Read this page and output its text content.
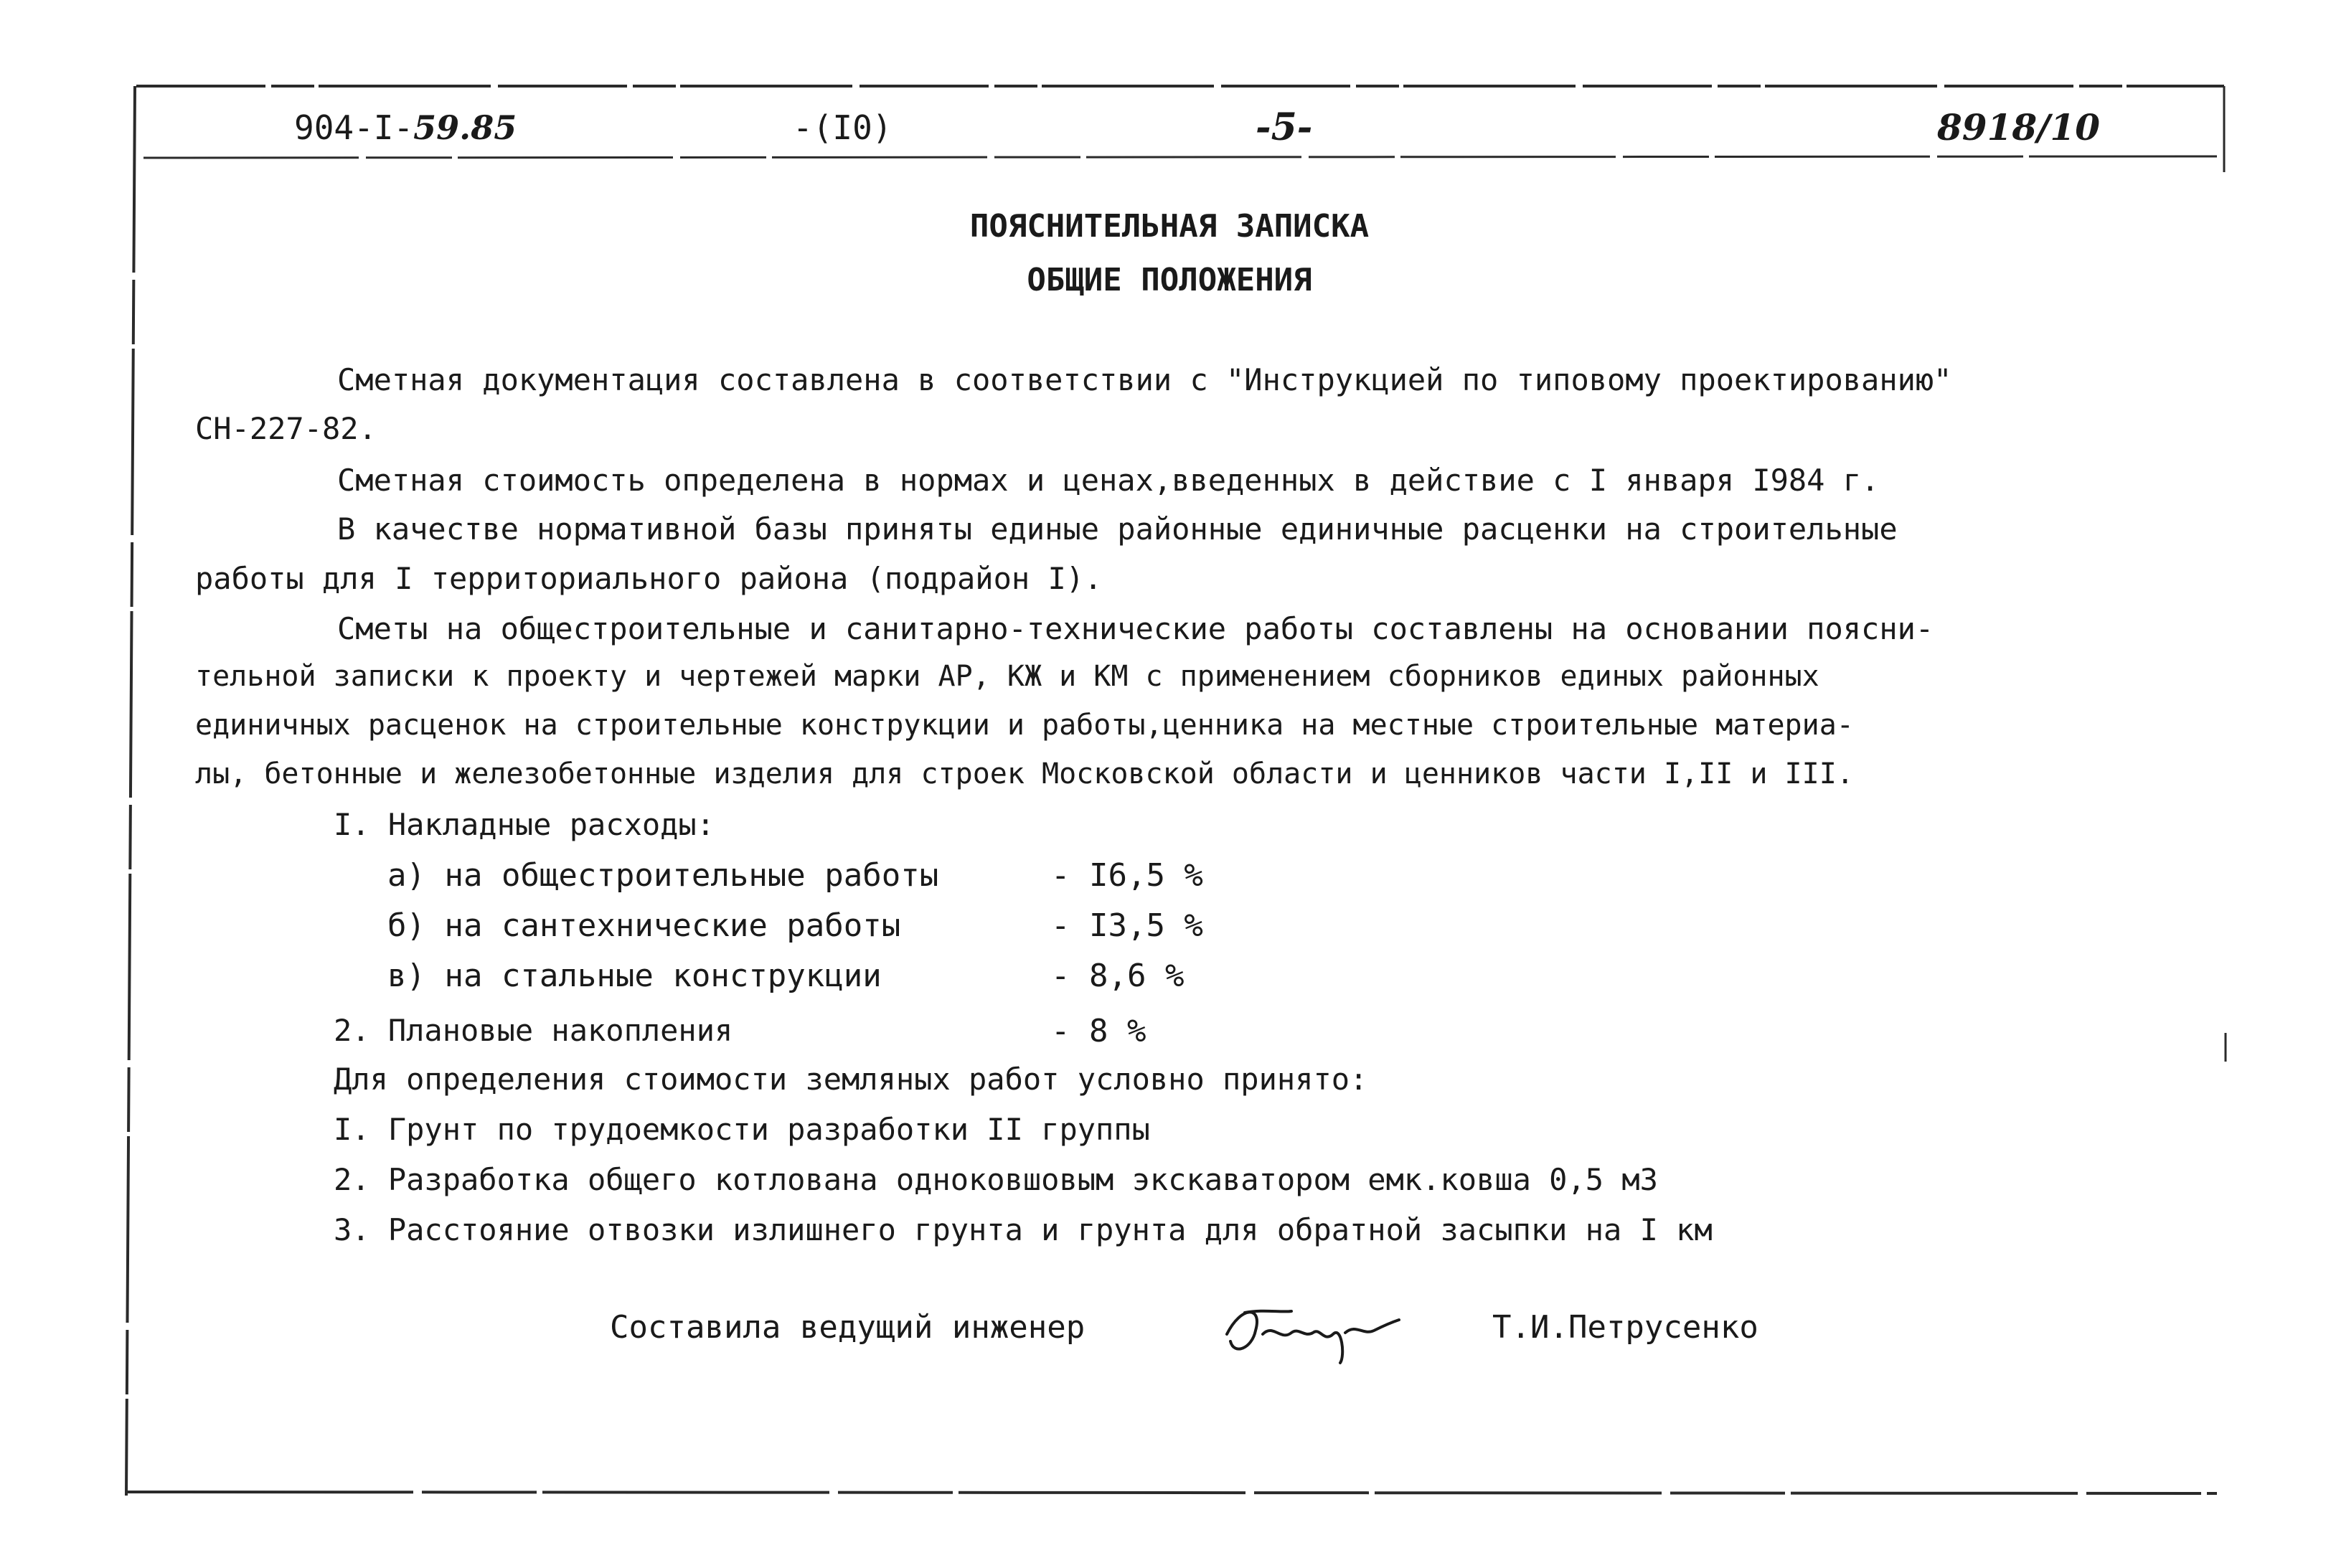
904-I-59.85	-(I0)	-5-	8918/10
ПОЯСНИТЕЛЬНАЯ ЗАПИСКА
ОБЩИЕ ПОЛОЖЕНИЯ
Сметная документация составлена в соответствии с "Инструкцией по типовому проектированию"
СН-227-82.
Сметная стоимость определена в нормах и ценах,введенных в действие с I января I984 г.
В качестве нормативной базы приняты единые районные единичные расценки на строительные
работы для I территориального района (подрайон I).
Сметы на общестроительные и санитарно-технические работы составлены на основании поясни-
тельной записки к проекту и чертежей марки АР, КЖ и КМ с применением сборников единых районных
единичных расценок на строительные конструкции и работы,ценника на местные строительные материа-
лы, бетонные и железобетонные изделия для строек Московской области и ценников части I,II и III.
I. Накладные расходы:
а) на общестроительные работы	- I6,5 %
б) на сантехнические работы	- I3,5 %
в) на стальные конструкции	- 8,6 %
2. Плановые накопления	- 8 %
Для определения стоимости земляных работ условно принято:
I. Грунт по трудоемкости разработки II группы
2. Разработка общего котлована одноковшовым экскаватором емк.ковша 0,5 м3
3. Расстояние отвозки излишнего грунта и грунта для обратной засыпки на I км
Составила ведущий инженер	Т.И.Петрусенко
